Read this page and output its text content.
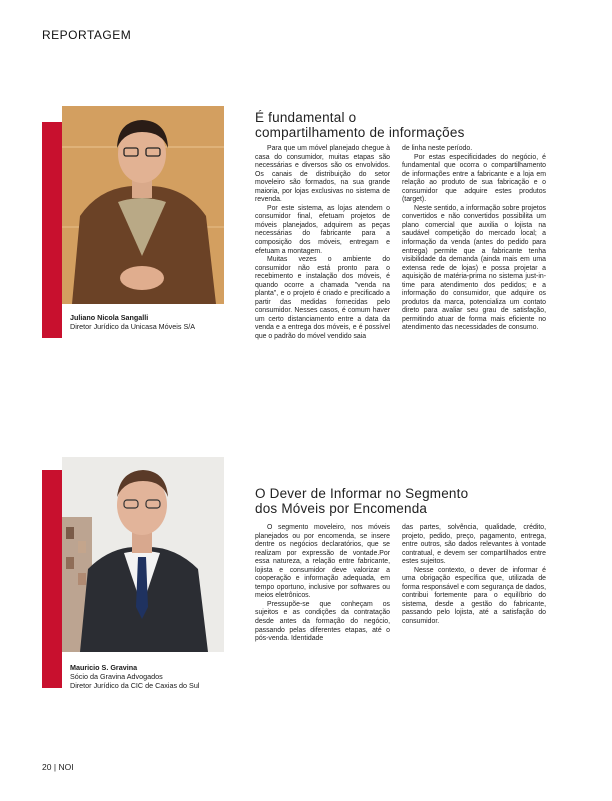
REPORTAGEM
Juliano Nicola Sangalli
Diretor Jurídico da Unicasa Móveis S/A
É fundamental o
compartilhamento de informações

Para que um móvel planejado chegue à casa do consumidor, muitas etapas são necessárias e diversos são os envolvidos. Os canais de distribuição do setor moveleiro são formados, na sua grande maioria, por lojas exclusivas no sistema de revenda.

Por este sistema, as lojas atendem o consumidor final, efetuam projetos de móveis planejados, adquirem as peças necessárias do fabricante para a composição dos móveis, entregam e efetuam a montagem.

Muitas vezes o ambiente do consumidor não está pronto para o recebimento e instalação dos móveis, é quando ocorre a chamada "venda na planta", e o projeto é criado e precificado a partir das medidas fornecidas pelo consumidor. Nesses casos, é comum haver um certo distanciamento entre a data da venda e a entrega dos móveis, e é possível que o padrão do móvel vendido saia

de linha neste período.

Por estas especificidades do negócio, é fundamental que ocorra o compartilhamento de informações entre a fabricante e a loja em relação ao produto de sua fabricação e o consumidor que adquire estes produtos (target).

Neste sentido, a informação sobre projetos convertidos e não convertidos possibilita um plano comercial que auxilia o lojista na saudável competição do mercado local; a informação da venda (antes do pedido para entrega) permite que a fabricante tenha visibilidade da demanda (ainda mais em uma extensa rede de lojas) e possa projetar a aquisição de matéria-prima no sistema just-in-time para atendimento dos pedidos; e a informação do consumidor, que adquire os produtos da marca, potencializa um contato direto para avaliar seu grau de satisfação, permitindo atuar de forma mais eficiente no atendimento das necessidades de consumo.

Mauricio S. Gravina
Sócio da Gravina Advogados
Diretor Jurídico da CIC de Caxias do Sul
O Dever de Informar no Segmento
dos Móveis por Encomenda

O segmento moveleiro, nos móveis planejados ou por encomenda, se insere dentre os negócios declaratórios, que se realizam por expressão de vontade.Por essa natureza, a relação entre fabricante, lojista e consumidor deve valorizar a cooperação e informação adequada, em tempo oportuno, inclusive por softwares ou meios eletrônicos.

Pressupõe-se que conheçam os sujeitos e as condições da contratação desde antes da formação do negócio, passando pelas diferentes etapas, até o pós-venda. Identidade

das partes, solvência, qualidade, crédito, projeto, pedido, preço, pagamento, entrega, entre outros, são dados relevantes à vontade contratual, e devem ser compartilhados entre estes sujeitos.

Nesse contexto, o dever de informar é uma obrigação específica que, utilizada de forma responsável e com segurança de dados, contribui fortemente para o equilíbrio do sistema, desde a gestão do fabricante, passando pelo lojista, até a satisfação do consumidor.

20 | NOI
